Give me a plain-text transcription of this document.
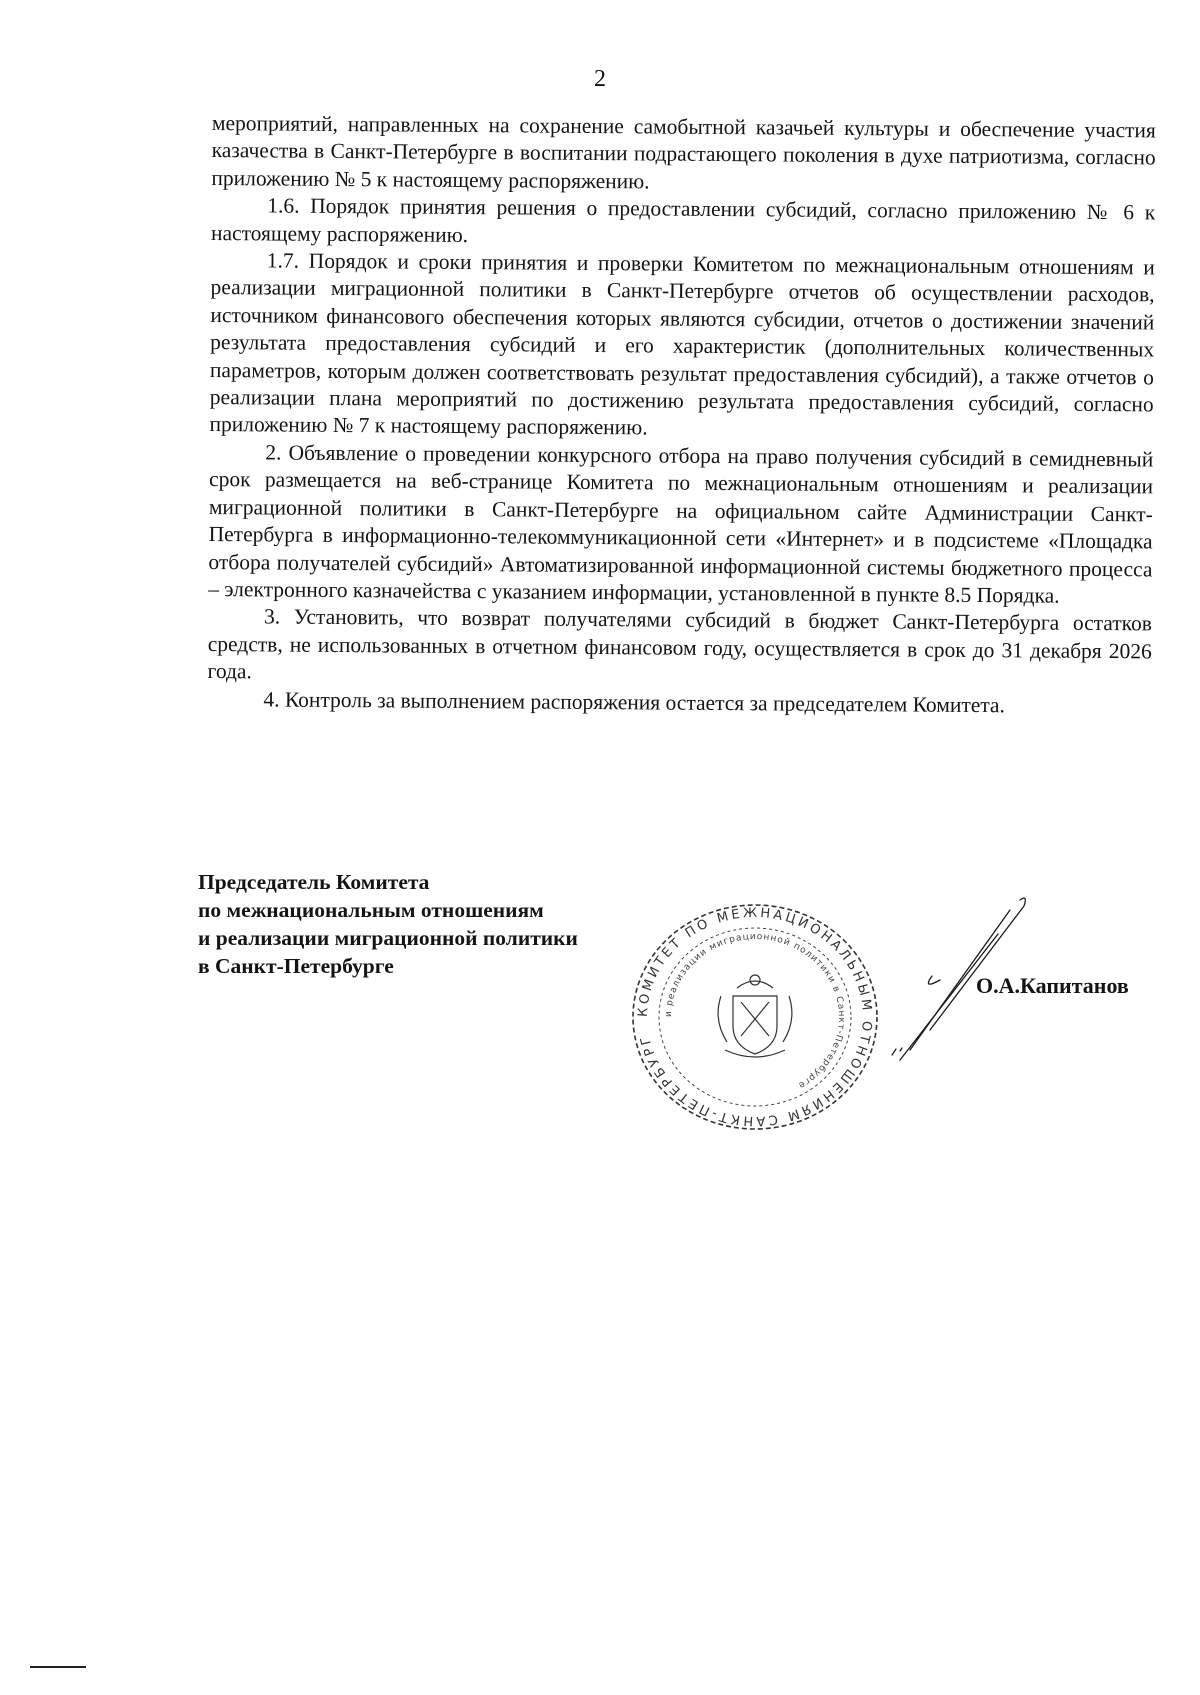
2

мероприятий, направленных на сохранение самобытной казачьей культуры и обеспечение участия казачества в Санкт-Петербурге в воспитании подрастающего поколения в духе патриотизма, согласно приложению № 5 к настоящему распоряжению.

1.6. Порядок принятия решения о предоставлении субсидий, согласно приложению № 6 к настоящему распоряжению.

1.7. Порядок и сроки принятия и проверки Комитетом по межнациональным отношениям и реализации миграционной политики в Санкт-Петербурге отчетов об осуществлении расходов, источником финансового обеспечения которых являются субсидии, отчетов о достижении значений результата предоставления субсидий и его характеристик (дополнительных количественных параметров, которым должен соответствовать результат предоставления субсидий), а также отчетов о реализации плана мероприятий по достижению результата предоставления субсидий, согласно приложению № 7 к настоящему распоряжению.

2. Объявление о проведении конкурсного отбора на право получения субсидий в семидневный срок размещается на веб-странице Комитета по межнациональным отношениям и реализации миграционной политики в Санкт-Петербурге на официальном сайте Администрации Санкт-Петербурга в информационно-телекоммуникационной сети «Интернет» и в подсистеме «Площадка отбора получателей субсидий» Автоматизированной информационной системы бюджетного процесса – электронного казначейства с указанием информации, установленной в пункте 8.5 Порядка.

3. Установить, что возврат получателями субсидий в бюджет Санкт-Петербурга остатков средств, не использованных в отчетном финансовом году, осуществляется в срок до 31 декабря 2026 года.

4. Контроль за выполнением распоряжения остается за председателем Комитета.

Председатель Комитета
по межнациональным отношениям
и реализации миграционной политики
в Санкт-Петербурге
КОМИТЕТ ПО МЕЖНАЦИОНАЛЬНЫМ ОТНОШЕНИЯМ САНКТ-ПЕТЕРБУРГ
и реализации миграционной политики в Санкт-Петербурге
О.А.Капитанов
